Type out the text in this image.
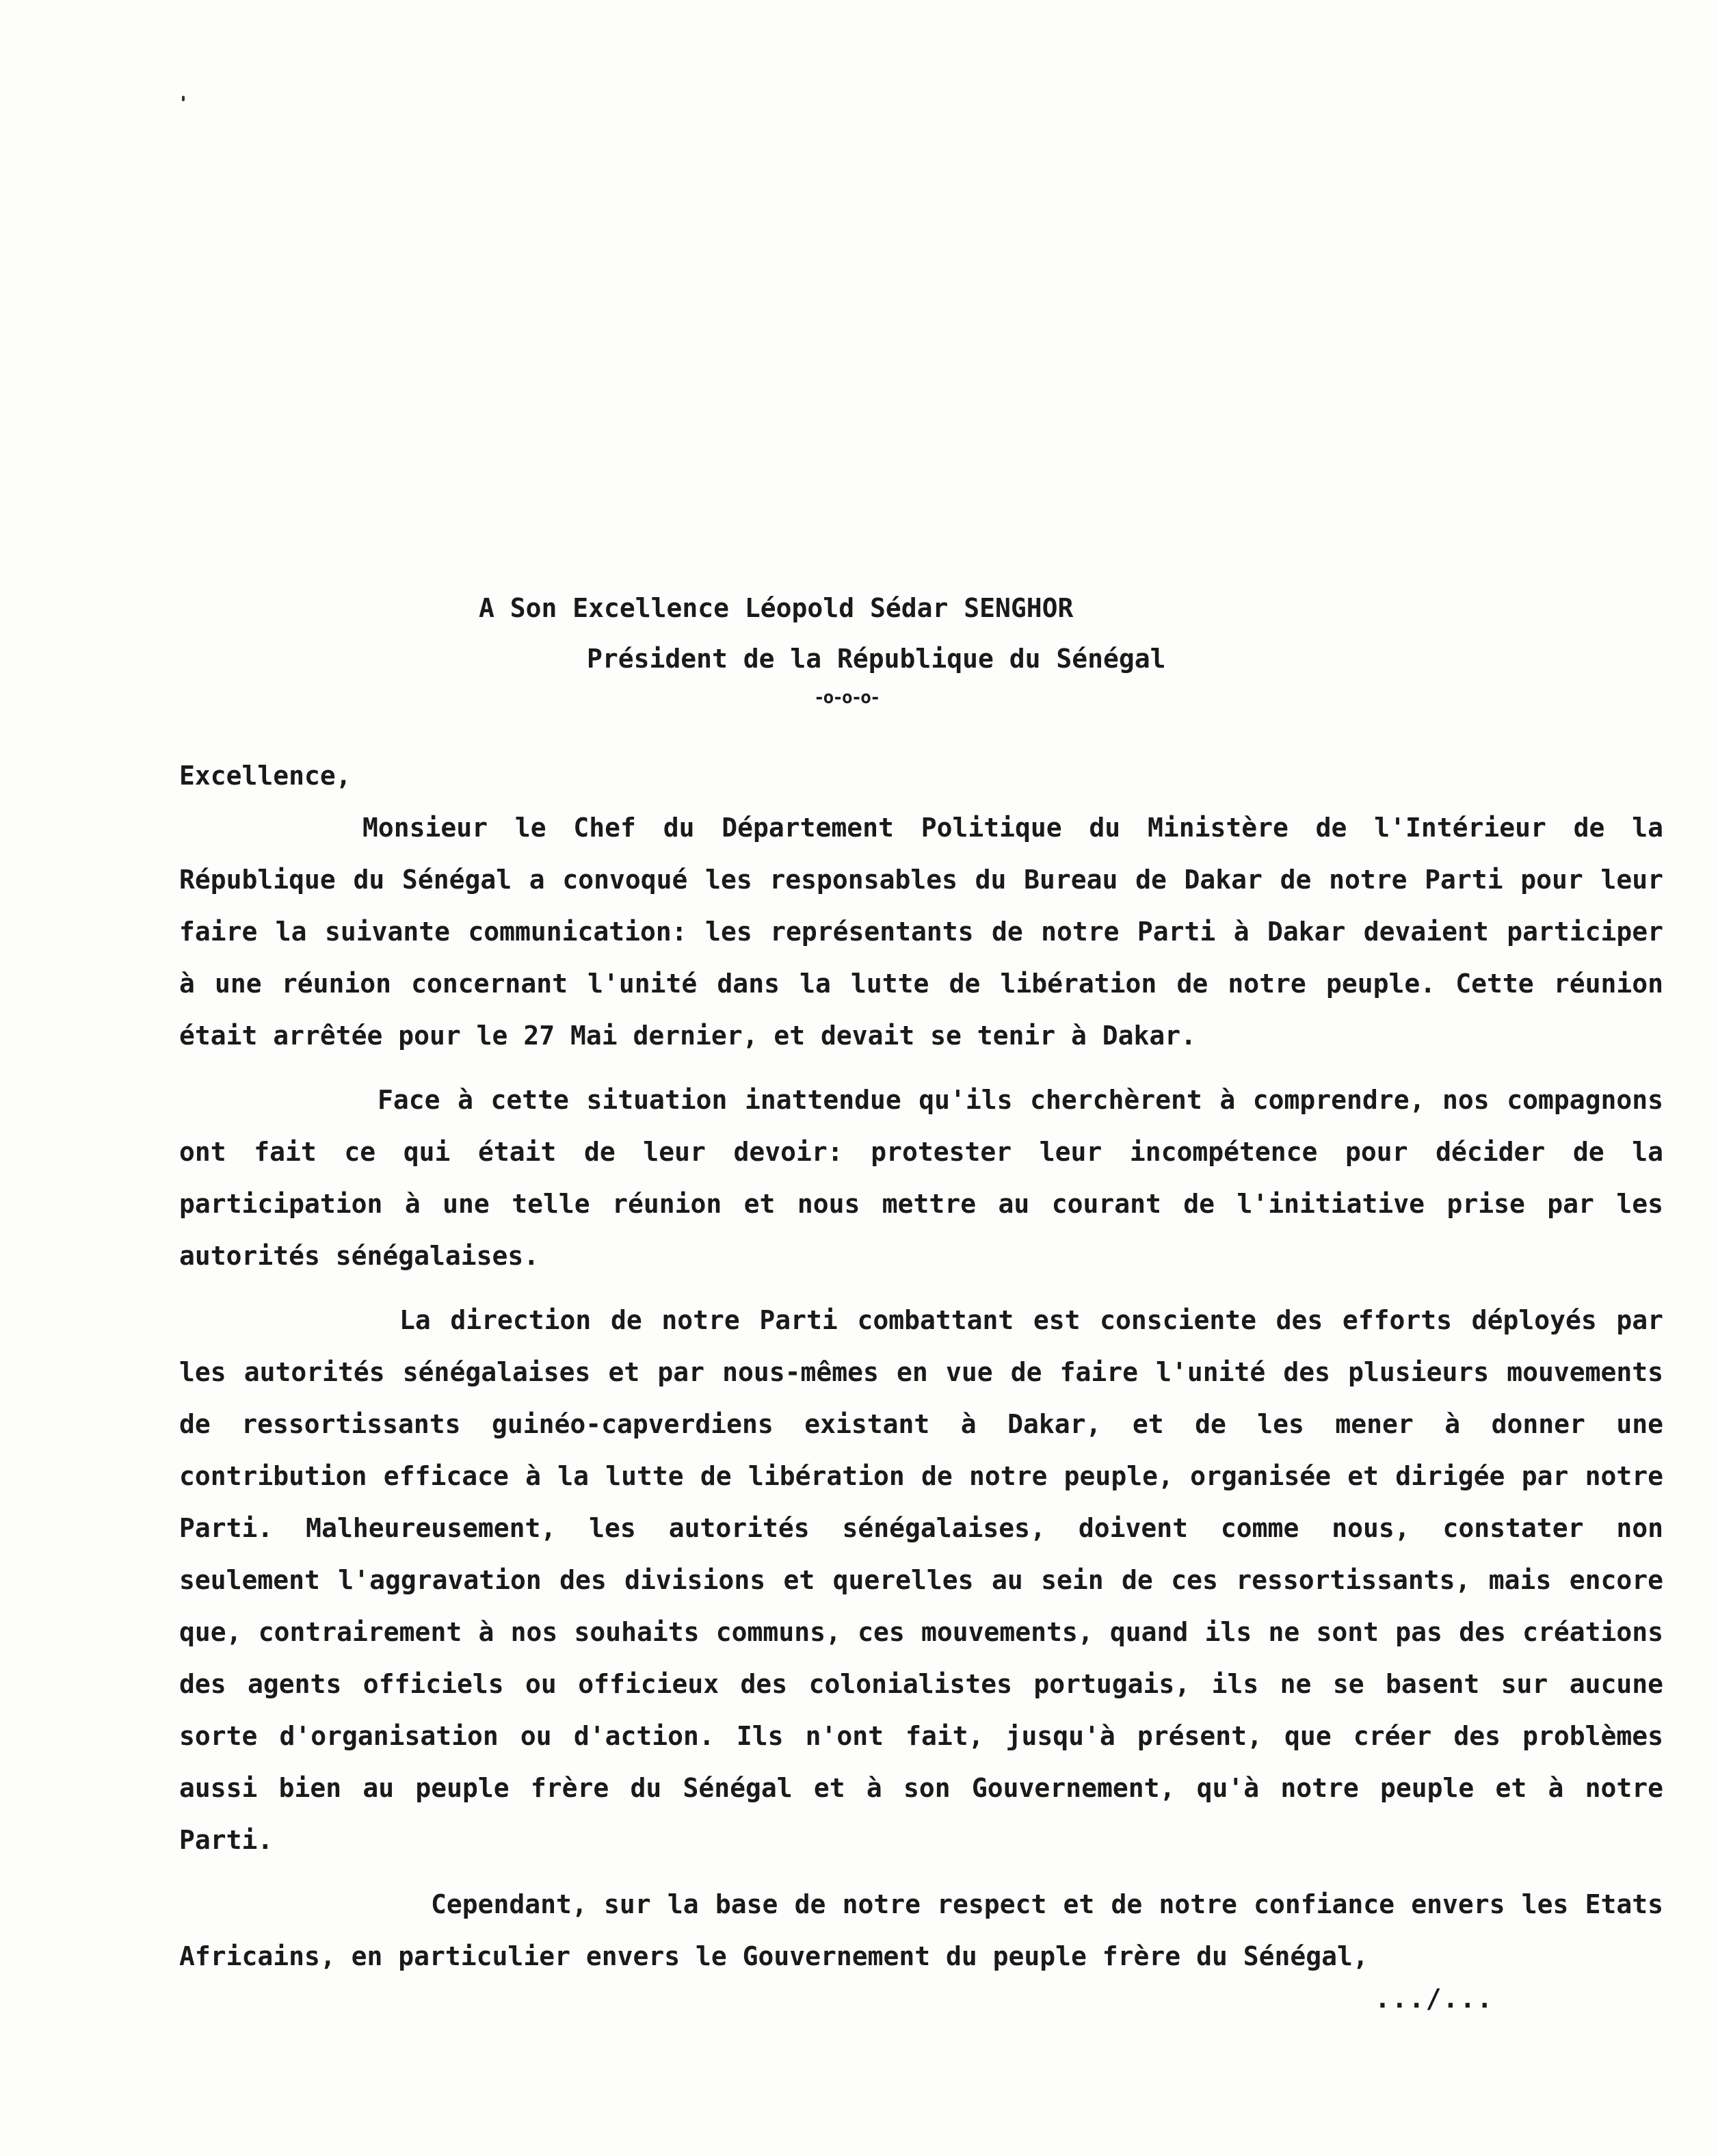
A Son Excellence Léopold Sédar SENGHOR
Président de la République du Sénégal
-o-o-o-

Excellence,

Monsieur le Chef du Département Politique du Ministère de l'Intérieur de la République du Sénégal a convoqué les responsables du Bureau de Dakar de notre Parti pour leur faire la suivante communication: les représentants de notre Parti à Dakar devaient participer à une réunion concernant l'unité dans la lutte de libération de notre peuple. Cette réunion était arrêtée pour le 27 Mai dernier, et devait se tenir à Dakar.

Face à cette situation inattendue qu'ils cherchèrent à comprendre, nos compagnons ont fait ce qui était de leur devoir: protester leur incompétence pour décider de la participation à une telle réunion et nous mettre au courant de l'initiative prise par les autorités sénégalaises.

La direction de notre Parti combattant est consciente des efforts déployés par les autorités sénégalaises et par nous-mêmes en vue de faire l'unité des plusieurs mouvements de ressortissants guinéo-capverdiens existant à Dakar, et de les mener à donner une contribution efficace à la lutte de libération de notre peuple, organisée et dirigée par notre Parti. Malheureusement, les autorités sénégalaises, doivent comme nous, constater non seulement l'aggravation des divisions et querelles au sein de ces ressortissants, mais encore que, contrairement à nos souhaits communs, ces mouvements, quand ils ne sont pas des créations des agents officiels ou officieux des colonialistes portugais, ils ne se basent sur aucune sorte d'organisation ou d'action. Ils n'ont fait, jusqu'à présent, que créer des problèmes aussi bien au peuple frère du Sénégal et à son Gouvernement, qu'à notre peuple et à notre Parti.

Cependant, sur la base de notre respect et de notre confiance envers les Etats Africains, en particulier envers le Gouvernement du peuple frère du Sénégal,

.../...
